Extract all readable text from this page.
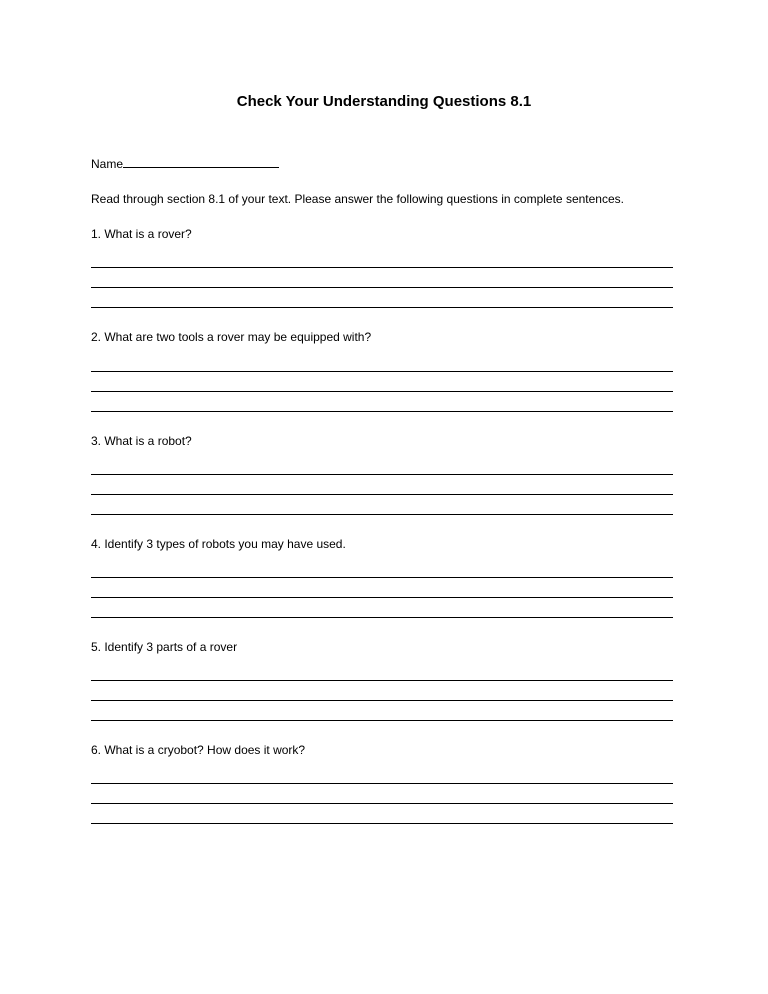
Check Your Understanding Questions 8.1
Name
Read through section 8.1 of your text. Please answer the following questions in complete sentences.
1. What is a rover?
2. What are two tools a rover may be equipped with?
3. What is a robot?
4. Identify 3 types of robots you may have used.
5. Identify 3 parts of a rover
6. What is a cryobot? How does it work?
